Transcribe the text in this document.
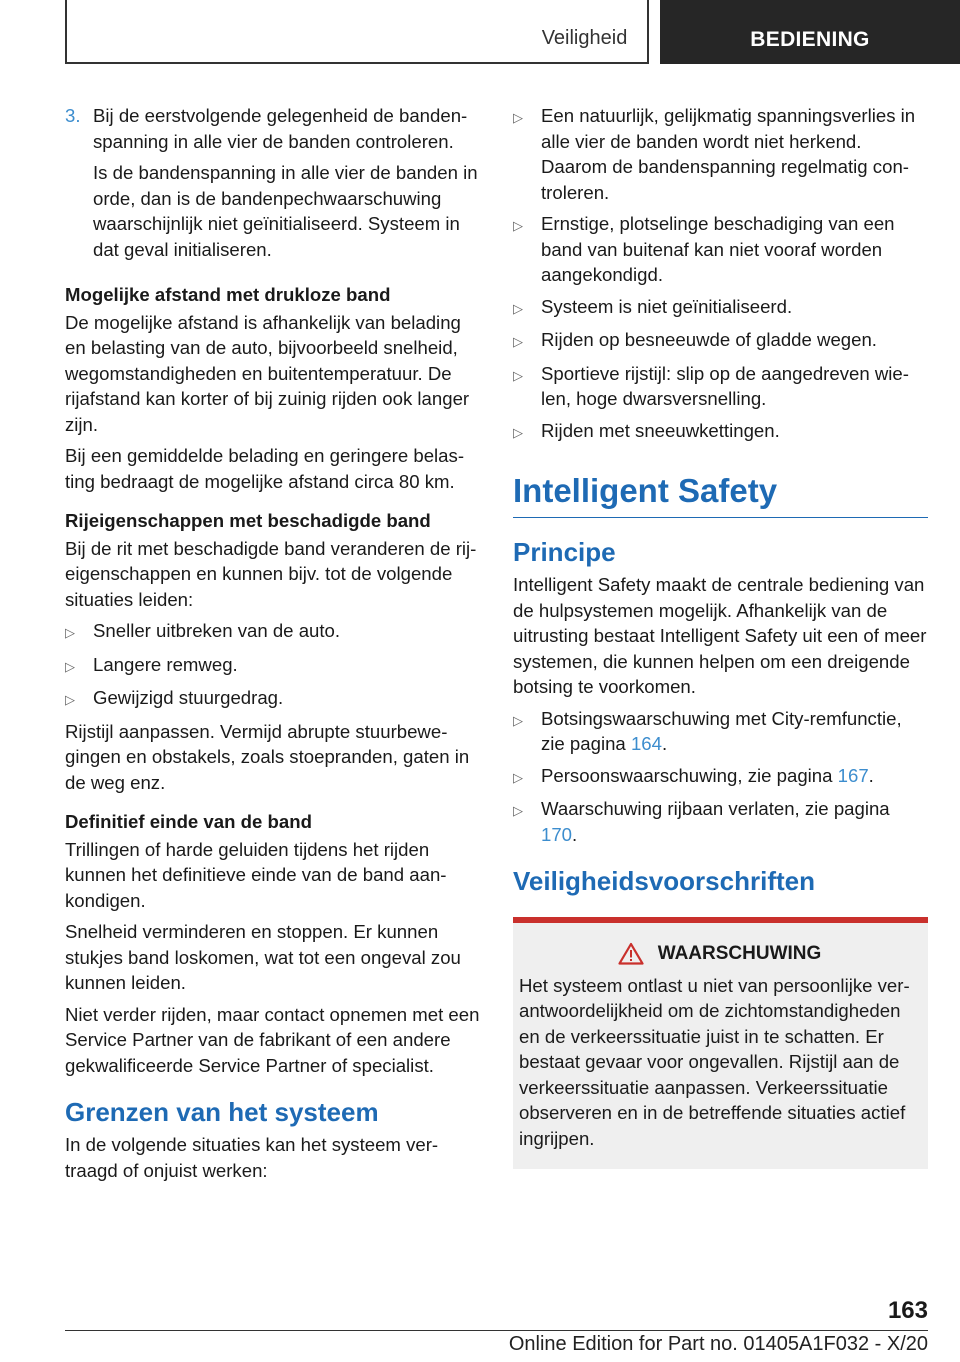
Veiligheid	BEDIENING
3. Bij de eerstvolgende gelegenheid de bandenspanning in alle vier de banden controleren.
Is de bandenspanning in alle vier de banden in orde, dan is de bandenpechwaarschuwing waarschijnlijk niet geïnitialiseerd. Systeem in dat geval initialiseren.
Mogelijke afstand met drukloze band
De mogelijke afstand is afhankelijk van belading en belasting van de auto, bijvoorbeeld snelheid, wegomstandigheden en buitentemperatuur. De rijafstand kan korter of bij zuinig rijden ook langer zijn.
Bij een gemiddelde belading en geringere belasting bedraagt de mogelijke afstand circa 80 km.
Rijeigenschappen met beschadigde band
Bij de rit met beschadigde band veranderen de rij-eigenschappen en kunnen bijv. tot de volgende situaties leiden:
▷ Sneller uitbreken van de auto.
▷ Langere remweg.
▷ Gewijzigd stuurgedrag.
Rijstijl aanpassen. Vermijd abrupte stuurbewegingen en obstakels, zoals stoepranden, gaten in de weg enz.
Definitief einde van de band
Trillingen of harde geluiden tijdens het rijden kunnen het definitieve einde van de band aankondigen.
Snelheid verminderen en stoppen. Er kunnen stukjes band loskomen, wat tot een ongeval zou kunnen leiden.
Niet verder rijden, maar contact opnemen met een Service Partner van de fabrikant of een andere gekwalificeerde Service Partner of specialist.
Grenzen van het systeem
In de volgende situaties kan het systeem vertraagd of onjuist werken:
▷ Een natuurlijk, gelijkmatig spanningsverlies in alle vier de banden wordt niet herkend. Daarom de bandenspanning regelmatig controleren.
▷ Ernstige, plotselinge beschadiging van een band van buitenaf kan niet vooraf worden aangekondigd.
▷ Systeem is niet geïnitialiseerd.
▷ Rijden op besneeuwde of gladde wegen.
▷ Sportieve rijstijl: slip op de aangedreven wielen, hoge dwarsversnelling.
▷ Rijden met sneeuwkettingen.
Intelligent Safety
Principe
Intelligent Safety maakt de centrale bediening van de hulpsystemen mogelijk. Afhankelijk van de uitrusting bestaat Intelligent Safety uit een of meer systemen, die kunnen helpen om een dreigende botsing te voorkomen.
▷ Botsingswaarschuwing met City-remfunctie, zie pagina 164.
▷ Persoonswaarschuwing, zie pagina 167.
▷ Waarschuwing rijbaan verlaten, zie pagina 170.
Veiligheidsvoorschriften
WAARSCHUWING
Het systeem ontlast u niet van persoonlijke verantwoordelijkheid om de zichtomstandigheden en de verkeerssituatie juist in te schatten. Er bestaat gevaar voor ongevallen. Rijstijl aan de verkeerssituatie aanpassen. Verkeerssituatie observeren en in de betreffende situaties actief ingrijpen.
163
Online Edition for Part no. 01405A1F032 - X/20
